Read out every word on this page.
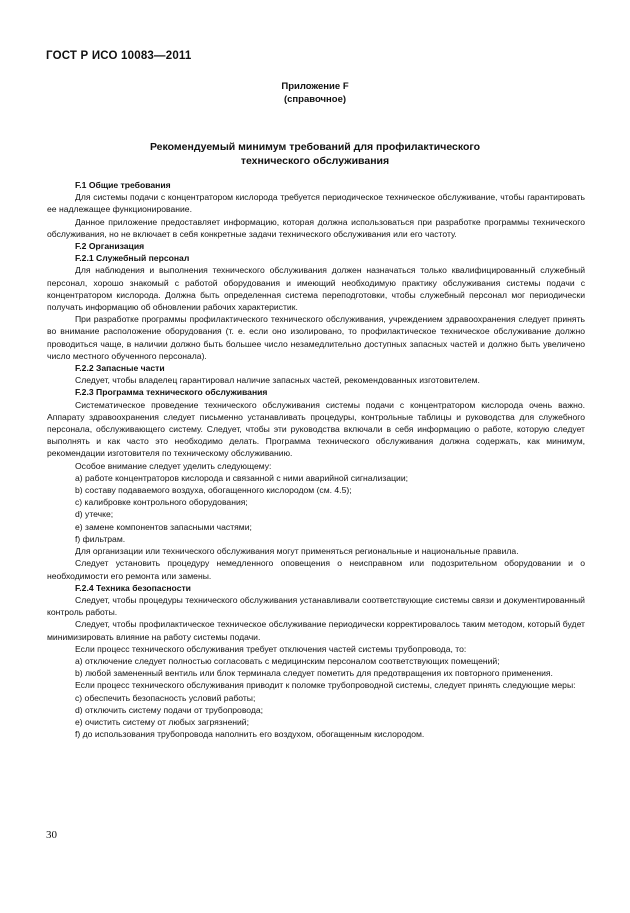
ГОСТ Р ИСО 10083—2011
Приложение F
(справочное)
Рекомендуемый минимум требований для профилактического
технического обслуживания

F.1 Общие требования

Для системы подачи с концентратором кислорода требуется периодическое техническое обслуживание, чтобы гарантировать ее надлежащее функционирование.

Данное приложение предоставляет информацию, которая должна использоваться при разработке программы технического обслуживания, но не включает в себя конкретные задачи технического обслуживания или его частоту.

F.2 Организация

F.2.1 Служебный персонал

Для наблюдения и выполнения технического обслуживания должен назначаться только квалифицированный служебный персонал, хорошо знакомый с работой оборудования и имеющий необходимую практику обслуживания системы подачи с концентратором кислорода. Должна быть определенная система переподготовки, чтобы служебный персонал мог периодически получать информацию об обновлении рабочих характеристик.

При разработке программы профилактического технического обслуживания, учреждением здравоохранения следует принять во внимание расположение оборудования (т. е. если оно изолировано, то профилактическое техническое обслуживание должно проводиться чаще, в наличии должно быть большее число незамедлительно доступных запасных частей и должно быть увеличено число местного обученного персонала).

F.2.2 Запасные части

Следует, чтобы владелец гарантировал наличие запасных частей, рекомендованных изготовителем.

F.2.3 Программа технического обслуживания

Систематическое проведение технического обслуживания системы подачи с концентратором кислорода очень важно. Аппарату здравоохранения следует письменно устанавливать процедуры, контрольные таблицы и руководства для служебного персонала, обслуживающего систему. Следует, чтобы эти руководства включали в себя информацию о работе, которую следует выполнять и как часто это необходимо делать. Программа технического обслуживания должна содержать, как минимум, рекомендации изготовителя по техническому обслуживанию.

Особое внимание следует уделить следующему:

a) работе концентраторов кислорода и связанной с ними аварийной сигнализации;

b) составу подаваемого воздуха, обогащенного кислородом (см. 4.5);

c) калибровке контрольного оборудования;

d) утечке;

e) замене компонентов запасными частями;

f) фильтрам.

Для организации или технического обслуживания могут применяться региональные и национальные правила.

Следует установить процедуру немедленного оповещения о неисправном или подозрительном оборудовании и о необходимости его ремонта или замены.

F.2.4 Техника безопасности

Следует, чтобы процедуры технического обслуживания устанавливали соответствующие системы связи и документированный контроль работы.

Следует, чтобы профилактическое техническое обслуживание периодически корректировалось таким методом, который будет минимизировать влияние на работу системы подачи.

Если процесс технического обслуживания требует отключения частей системы трубопровода, то:

a) отключение следует полностью согласовать с медицинским персоналом соответствующих помещений;

b) любой замененный вентиль или блок терминала следует пометить для предотвращения их повторного применения.

Если процесс технического обслуживания приводит к поломке трубопроводной системы, следует принять следующие меры:

c) обеспечить безопасность условий работы;

d) отключить систему подачи от трубопровода;

e) очистить систему от любых загрязнений;

f) до использования трубопровода наполнить его воздухом, обогащенным кислородом.

30
